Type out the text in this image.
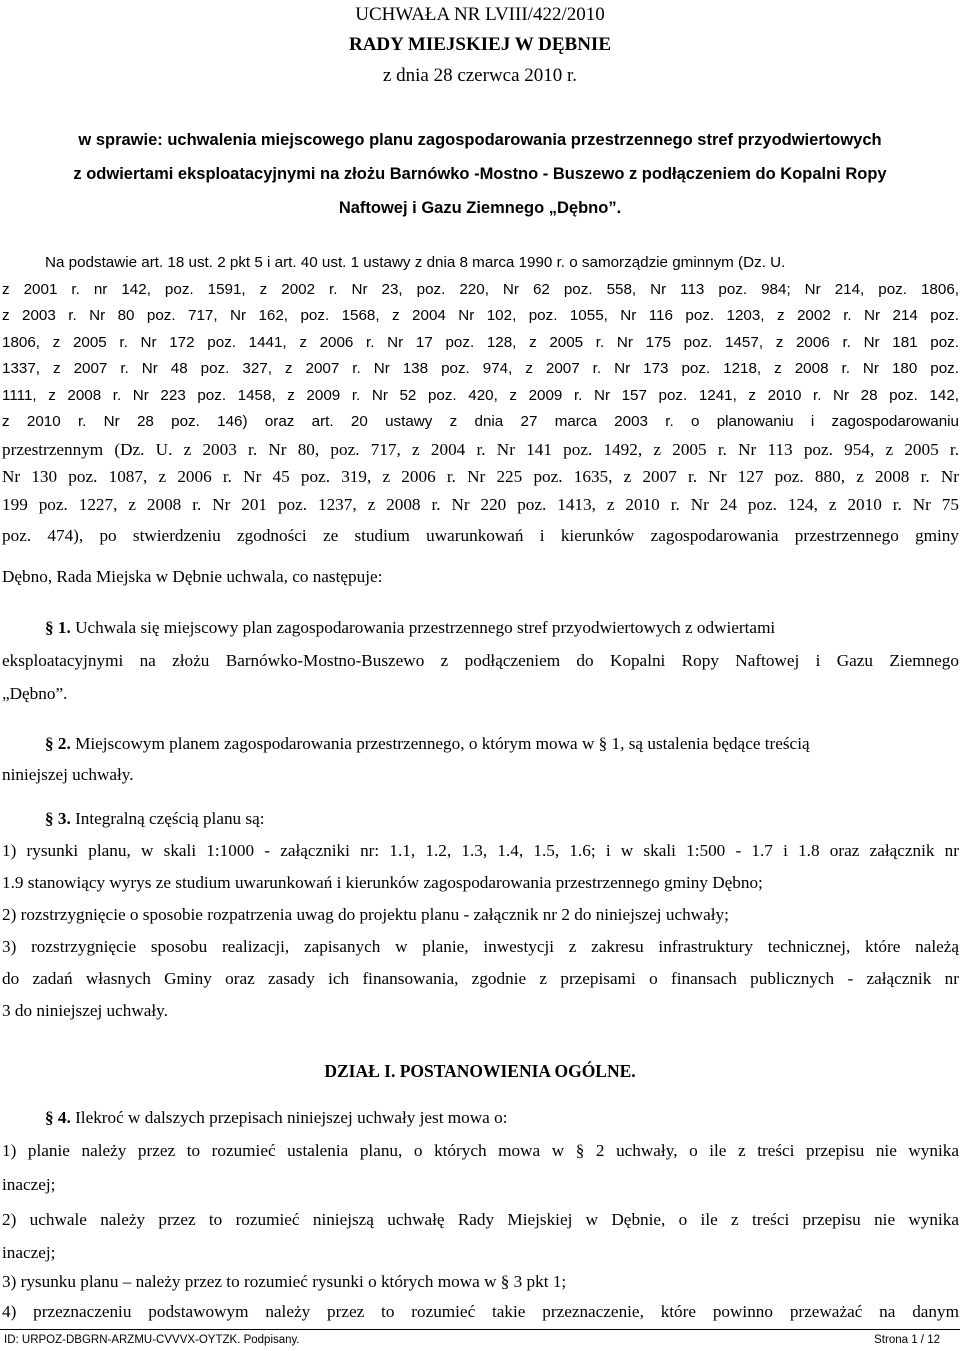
UCHWAŁA NR LVIII/422/2010
RADY MIEJSKIEJ W DĘBNIE
z dnia 28 czerwca 2010 r.
w sprawie: uchwalenia miejscowego planu zagospodarowania przestrzennego stref przyodwiertowych
z odwiertami eksploatacyjnymi na złożu Barnówko -Mostno - Buszewo z podłączeniem do Kopalni Ropy
Naftowej i Gazu Ziemnego „Dębno”.
Na podstawie art. 18 ust. 2 pkt 5 i art. 40 ust. 1 ustawy z dnia 8 marca 1990 r. o samorządzie gminnym (Dz. U.
z 2001 r. nr 142, poz. 1591, z 2002 r. Nr 23, poz. 220, Nr 62 poz. 558, Nr 113 poz. 984; Nr 214, poz. 1806,
z 2003 r. Nr 80 poz. 717, Nr 162, poz. 1568, z 2004 Nr 102, poz. 1055, Nr 116 poz. 1203, z 2002 r. Nr 214 poz.
1806, z 2005 r. Nr 172 poz. 1441, z 2006 r. Nr 17 poz. 128, z 2005 r. Nr 175 poz. 1457, z 2006 r. Nr 181 poz.
1337, z 2007 r. Nr 48 poz. 327, z 2007 r. Nr 138 poz. 974, z 2007 r. Nr 173 poz. 1218, z 2008 r. Nr 180 poz.
1111, z 2008 r. Nr 223 poz. 1458, z 2009 r. Nr 52 poz. 420, z 2009 r. Nr 157 poz. 1241, z 2010 r. Nr 28 poz. 142,
z 2010 r. Nr 28 poz. 146) oraz art. 20 ustawy z dnia 27 marca 2003 r. o planowaniu i zagospodarowaniu
przestrzennym (Dz. U. z 2003 r. Nr 80, poz. 717, z 2004 r. Nr 141 poz. 1492, z 2005 r. Nr 113 poz. 954, z 2005 r.
Nr 130 poz. 1087, z 2006 r. Nr 45 poz. 319, z 2006 r. Nr 225 poz. 1635, z 2007 r. Nr 127 poz. 880, z 2008 r. Nr
199 poz. 1227, z 2008 r. Nr 201 poz. 1237, z 2008 r. Nr 220 poz. 1413, z 2010 r. Nr 24 poz. 124, z 2010 r. Nr 75
poz. 474), po stwierdzeniu zgodności ze studium uwarunkowań i kierunków zagospodarowania przestrzennego gminy
Dębno, Rada Miejska w Dębnie uchwala, co następuje:
§ 1. Uchwala się miejscowy plan zagospodarowania przestrzennego stref przyodwiertowych z odwiertami
eksploatacyjnymi na złożu Barnówko-Mostno-Buszewo z podłączeniem do Kopalni Ropy Naftowej i Gazu Ziemnego
„Dębno”.
§ 2. Miejscowym planem zagospodarowania przestrzennego, o którym mowa w § 1, są ustalenia będące treścią
niniejszej uchwały.
§ 3. Integralną częścią planu są:
1) rysunki planu, w skali 1:1000 - załączniki nr: 1.1, 1.2, 1.3, 1.4, 1.5, 1.6; i w skali 1:500 - 1.7 i 1.8 oraz załącznik nr
1.9 stanowiący wyrys ze studium uwarunkowań i kierunków zagospodarowania przestrzennego gminy Dębno;
2) rozstrzygnięcie o sposobie rozpatrzenia uwag do projektu planu - załącznik nr 2 do niniejszej uchwały;
3) rozstrzygnięcie sposobu realizacji, zapisanych w planie, inwestycji z zakresu infrastruktury technicznej, które należą
do zadań własnych Gminy oraz zasady ich finansowania, zgodnie z przepisami o finansach publicznych - załącznik nr
3 do niniejszej uchwały.
DZIAŁ I. POSTANOWIENIA OGÓLNE.
§ 4. Ilekroć w dalszych przepisach niniejszej uchwały jest mowa o:
1) planie należy przez to rozumieć ustalenia planu, o których mowa w § 2 uchwały, o ile z treści przepisu nie wynika
inaczej;
2) uchwale należy przez to rozumieć niniejszą uchwałę Rady Miejskiej w Dębnie, o ile z treści przepisu nie wynika
inaczej;
3) rysunku planu – należy przez to rozumieć rysunki o których mowa w § 3 pkt 1;
4) przeznaczeniu podstawowym należy przez to rozumieć takie przeznaczenie, które powinno przeważać na danym
ID: URPOZ-DBGRN-ARZMU-CVVVX-OYTZK. Podpisany.	Strona 1 / 12
